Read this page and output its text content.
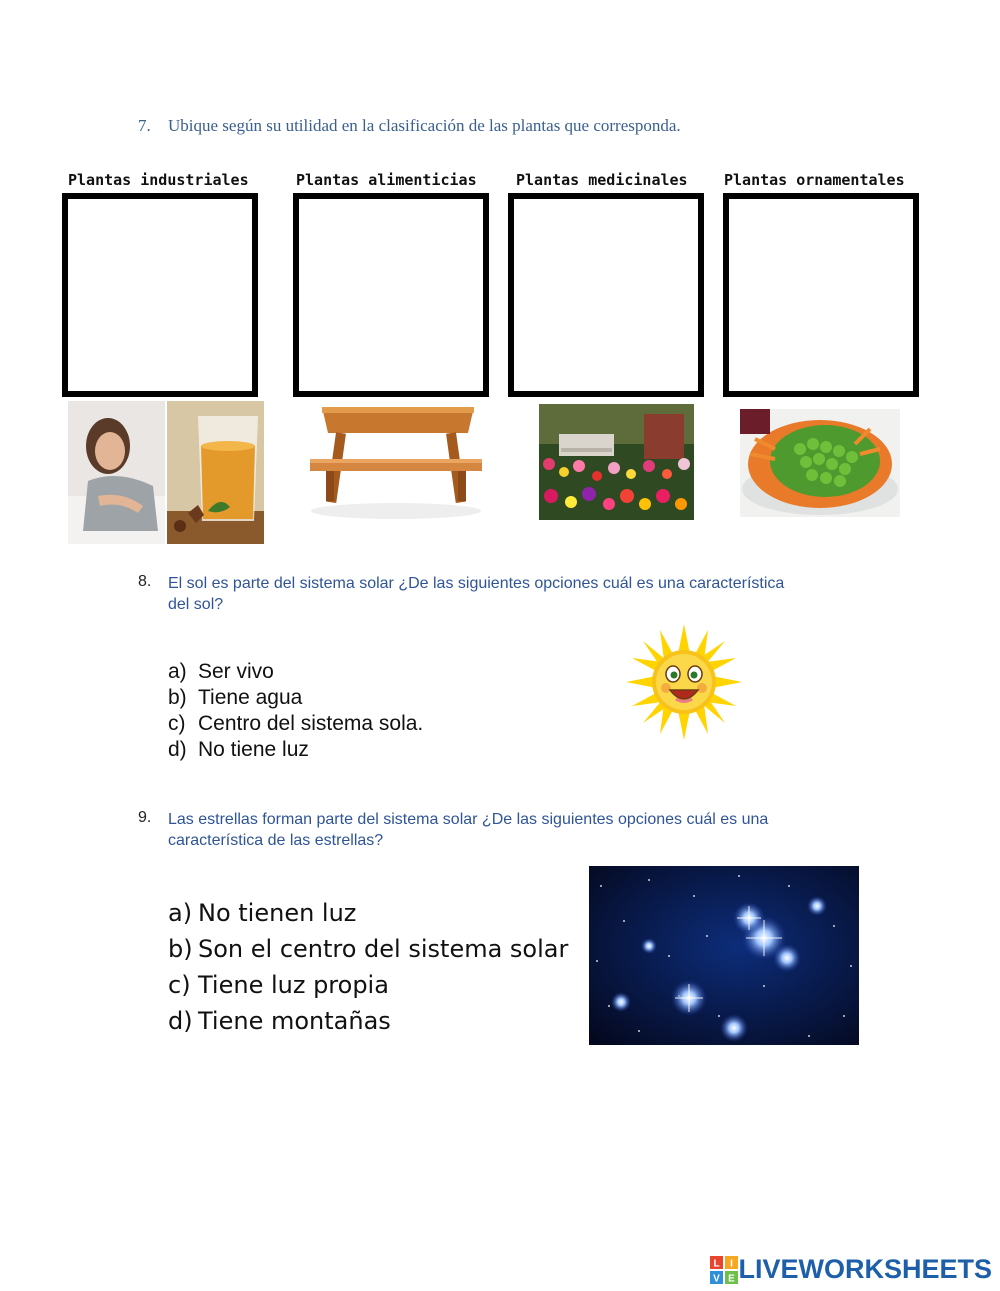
7. Ubique según su utilidad en la clasificación de las plantas que corresponda.
Plantas industriales	Plantas alimenticias	Plantas medicinales Plantas ornamentales
8. El sol es parte del sistema solar ¿De las siguientes opciones cuál es una característica
del sol?
a) Ser vivo
b) Tiene agua
c) Centro del sistema sola.
d) No tiene luz
9. Las estrellas forman parte del sistema solar ¿De las siguientes opciones cuál es una
característica de las estrellas?
a) No tienen luz
b) Son el centro del sistema solar
c) Tiene luz propia
d) Tiene montañas
L I
V E LIVEWORKSHEETS
